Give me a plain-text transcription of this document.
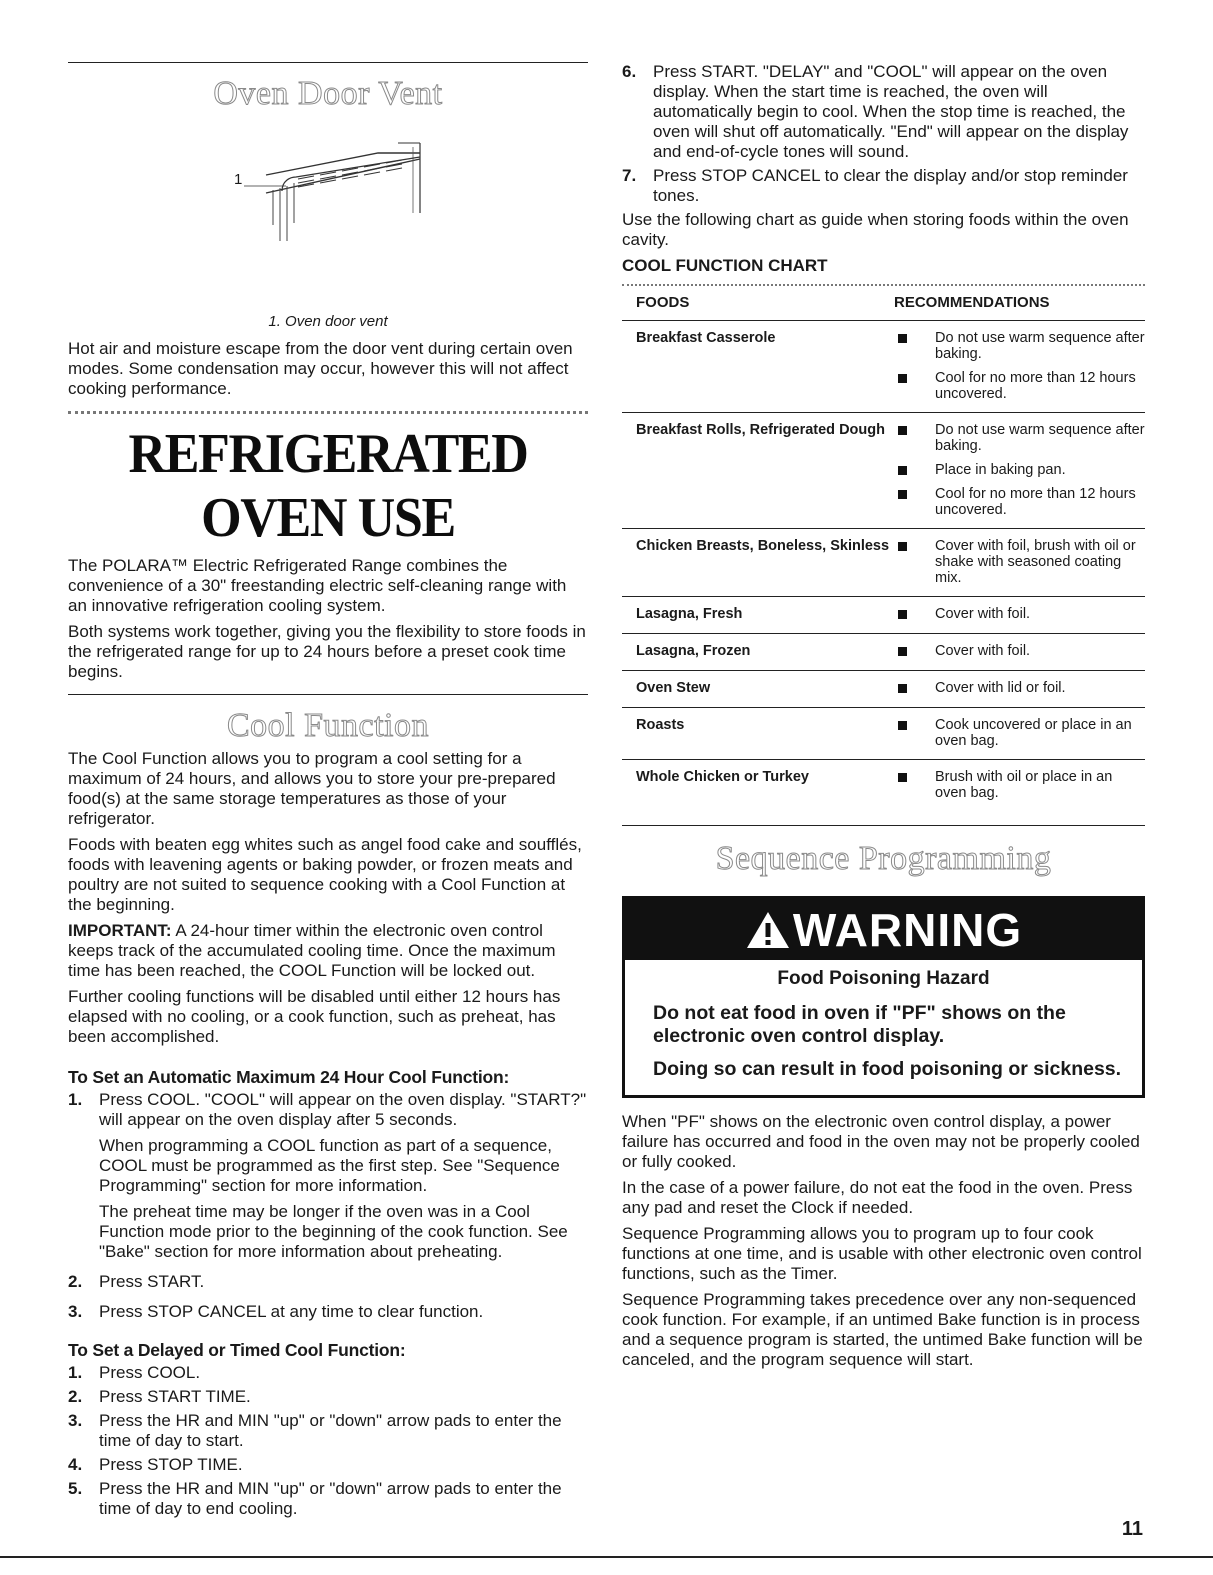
Oven Door Vent
1
1. Oven door vent

Hot air and moisture escape from the door vent during certain oven modes. Some condensation may occur, however this will not affect cooking performance.

REFRIGERATED OVEN USE

The POLARA™ Electric Refrigerated Range combines the convenience of a 30" freestanding electric self-cleaning range with an innovative refrigeration cooling system.

Both systems work together, giving you the flexibility to store foods in the refrigerated range for up to 24 hours before a preset cook time begins.

Cool Function

The Cool Function allows you to program a cool setting for a maximum of 24 hours, and allows you to store your pre-prepared food(s) at the same storage temperatures as those of your refrigerator.

Foods with beaten egg whites such as angel food cake and soufflés, foods with leavening agents or baking powder, or frozen meats and poultry are not suited to sequence cooking with a Cool Function at the beginning.

IMPORTANT: A 24-hour timer within the electronic oven control keeps track of the accumulated cooling time. Once the maximum time has been reached, the COOL Function will be locked out.

Further cooling functions will be disabled until either 12 hours has elapsed with no cooling, or a cook function, such as preheat, has been accomplished.

To Set an Automatic Maximum 24 Hour Cool Function:
1. Press COOL. "COOL" will appear on the oven display. "START?" will appear on the oven display after 5 seconds.

When programming a COOL function as part of a sequence, COOL must be programmed as the first step. See "Sequence Programming" section for more information.

The preheat time may be longer if the oven was in a Cool Function mode prior to the beginning of the cook function. See "Bake" section for more information about preheating.

2. Press START.

3. Press STOP CANCEL at any time to clear function.

To Set a Delayed or Timed Cool Function:
1. Press COOL.
2. Press START TIME.
3. Press the HR and MIN "up" or "down" arrow pads to enter the time of day to start.
4. Press STOP TIME.
5. Press the HR and MIN "up" or "down" arrow pads to enter the time of day to end cooling.
6. Press START. "DELAY" and "COOL" will appear on the oven display. When the start time is reached, the oven will automatically begin to cool. When the stop time is reached, the oven will shut off automatically. "End" will appear on the display and end-of-cycle tones will sound.
7. Press STOP CANCEL to clear the display and/or stop reminder tones.

Use the following chart as guide when storing foods within the oven cavity.

COOL FUNCTION CHART
FOODS	RECOMMENDATIONS
Breakfast Casserole	Do not use warm sequence after baking.
Cool for no more than 12 hours uncovered.
Breakfast Rolls, Refrigerated Dough	Do not use warm sequence after baking.
Place in baking pan.
Cool for no more than 12 hours uncovered.
Chicken Breasts, Boneless, Skinless	Cover with foil, brush with oil or shake with seasoned coating mix.
Lasagna, Fresh	Cover with foil.
Lasagna, Frozen	Cover with foil.
Oven Stew	Cover with lid or foil.
Roasts	Cook uncovered or place in an oven bag.
Whole Chicken or Turkey	Brush with oil or place in an oven bag.
Sequence Programming
WARNING
Food Poisoning Hazard
Do not eat food in oven if "PF" shows on the electronic oven control display.
Doing so can result in food poisoning or sickness.

When "PF" shows on the electronic oven control display, a power failure has occurred and food in the oven may not be properly cooled or fully cooked.

In the case of a power failure, do not eat the food in the oven. Press any pad and reset the Clock if needed.

Sequence Programming allows you to program up to four cook functions at one time, and is usable with other electronic oven control functions, such as the Timer.

Sequence Programming takes precedence over any non-sequenced cook function. For example, if an untimed Bake function is in process and a sequence program is started, the untimed Bake function will be canceled, and the program sequence will start.

11
